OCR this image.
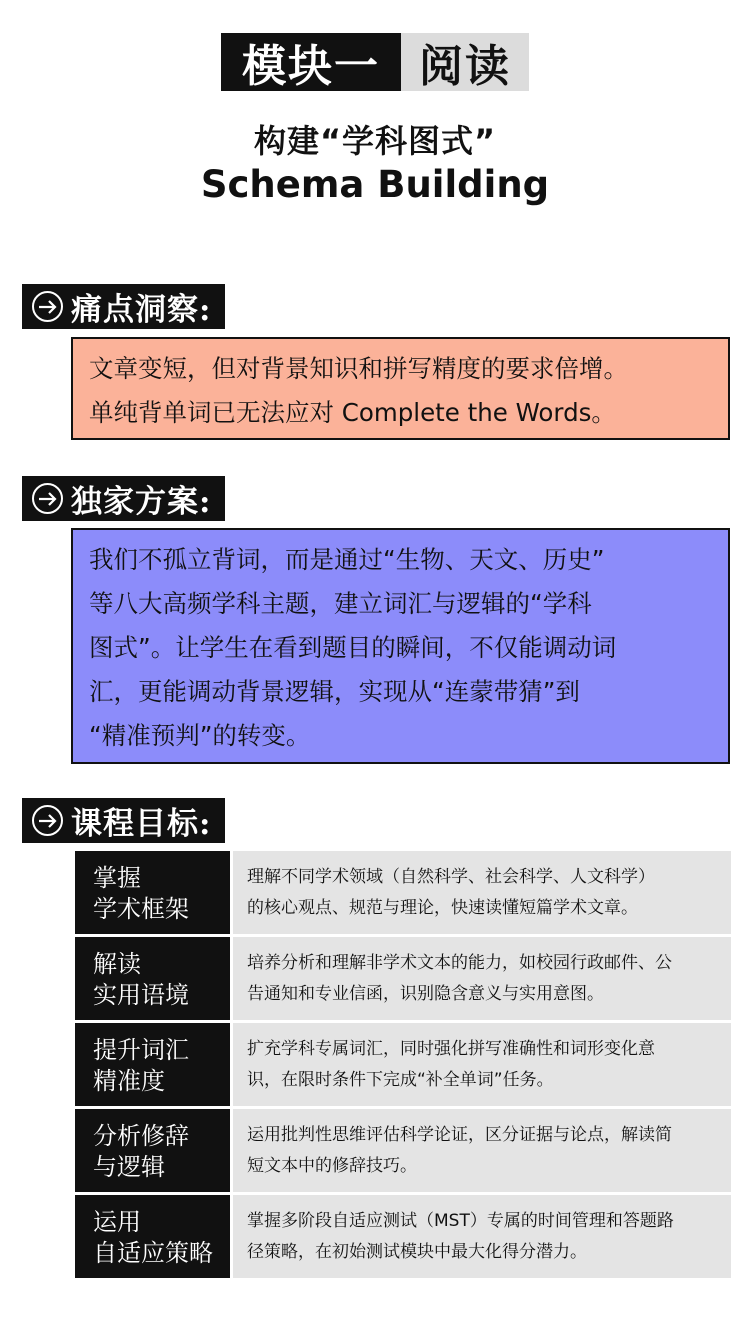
模块一 阅读
构建“学科图式”
Schema Building
痛点洞察:
文章变短，但对背景知识和拼写精度的要求倍增。
单纯背单词已无法应对 Complete the Words。
独家方案:
我们不孤立背词，而是通过“生物、天文、历史”
等八大高频学科主题，建立词汇与逻辑的“学科
图式”。让学生在看到题目的瞬间，不仅能调动词
汇，更能调动背景逻辑，实现从“连蒙带猜”到
“精准预判”的转变。
课程目标:
掌握
学术框架
理解不同学术领域（自然科学、社会科学、人文科学）
的核心观点、规范与理论，快速读懂短篇学术文章。
解读
实用语境
培养分析和理解非学术文本的能力，如校园行政邮件、公
告通知和专业信函，识别隐含意义与实用意图。
提升词汇
精准度
扩充学科专属词汇，同时强化拼写准确性和词形变化意
识，在限时条件下完成“补全单词”任务。
分析修辞
与逻辑
运用批判性思维评估科学论证，区分证据与论点，解读简
短文本中的修辞技巧。
运用
自适应策略
掌握多阶段自适应测试（MST）专属的时间管理和答题路
径策略，在初始测试模块中最大化得分潜力。
